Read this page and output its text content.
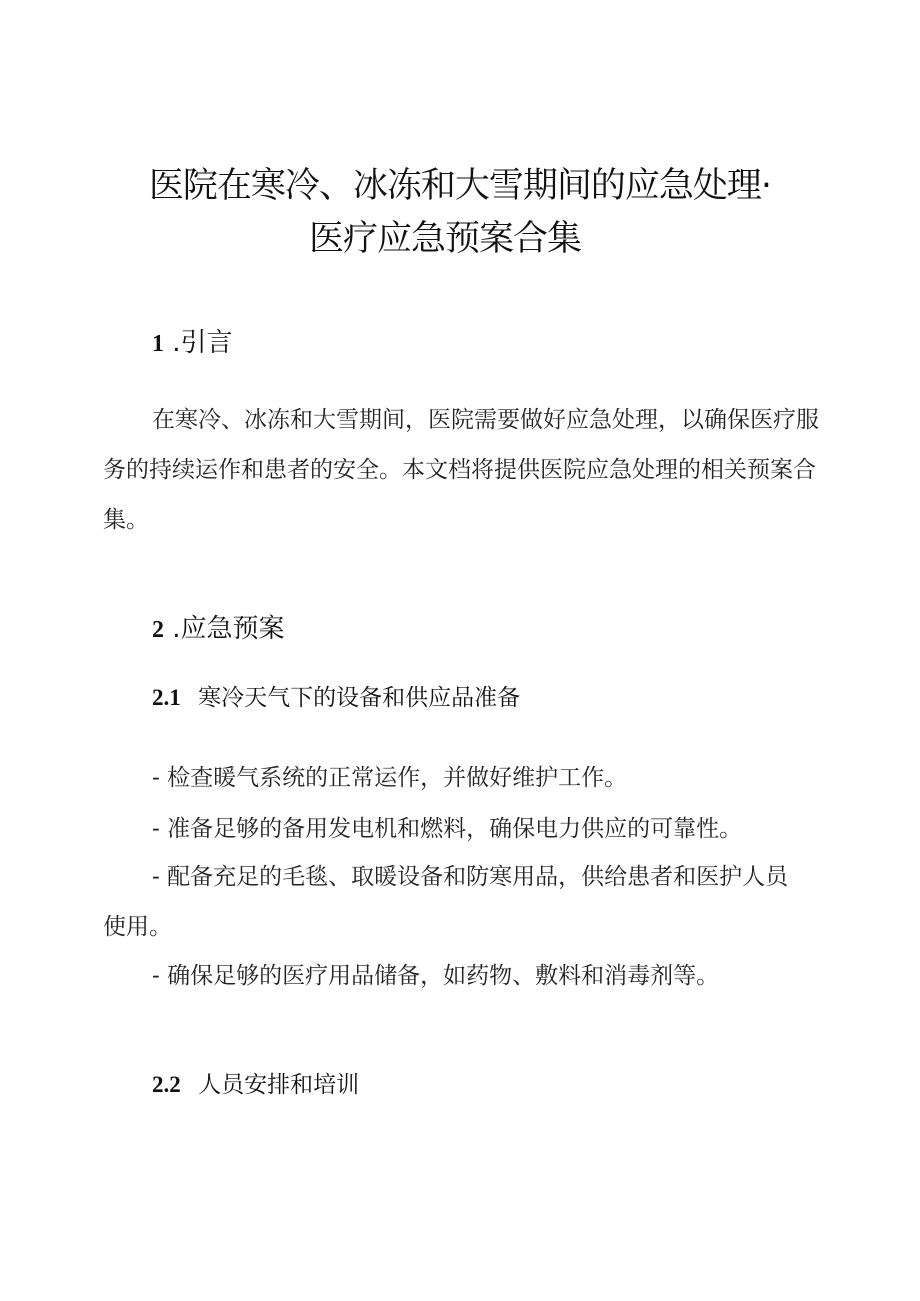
医院在寒冷、冰冻和大雪期间的应急处理·
医疗应急预案合集
1 .引言
在寒冷、冰冻和大雪期间，医院需要做好应急处理，以确保医疗服
务的持续运作和患者的安全。本文档将提供医院应急处理的相关预案合
集。
2 .应急预案
2.1 寒冷天气下的设备和供应品准备
- 检查暖气系统的正常运作，并做好维护工作。
- 准备足够的备用发电机和燃料，确保电力供应的可靠性。
- 配备充足的毛毯、取暖设备和防寒用品，供给患者和医护人员
使用。
- 确保足够的医疗用品储备，如药物、敷料和消毒剂等。
2.2 人员安排和培训
